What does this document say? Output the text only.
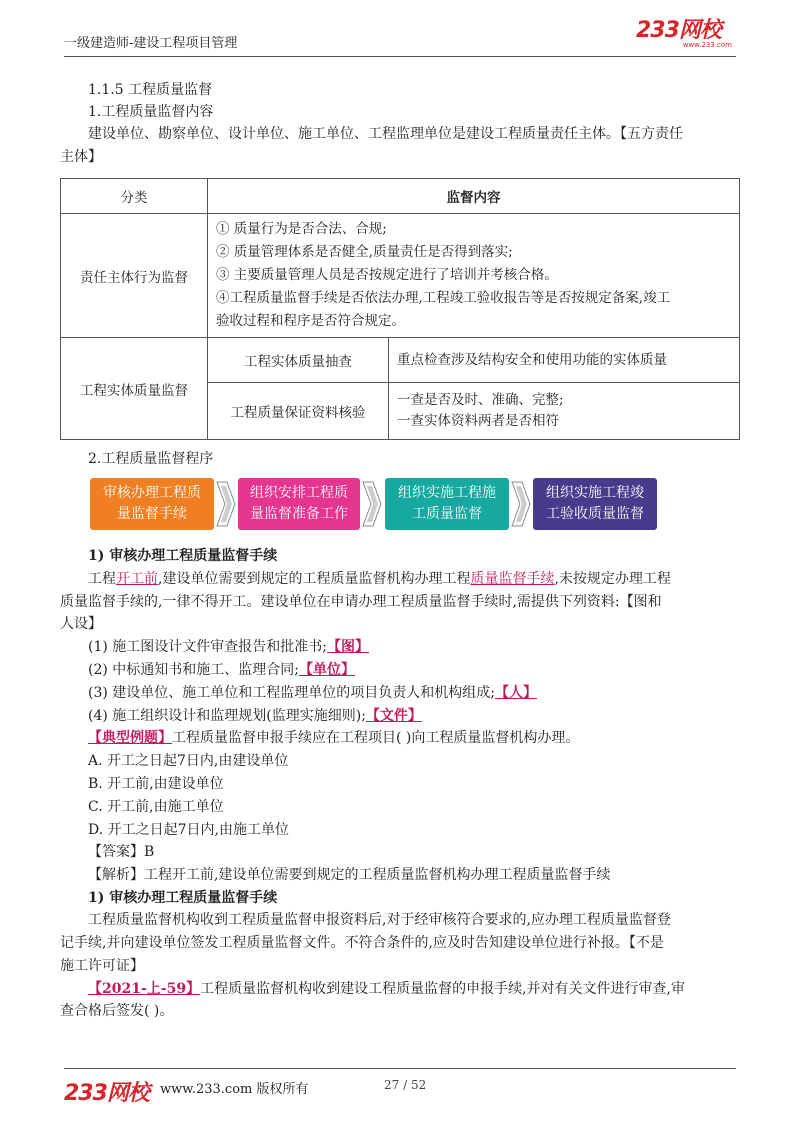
一级建造师-建设工程项目管理
233网校
www.233.com
1.1.5 工程质量监督
1.工程质量监督内容
建设单位、勘察单位、设计单位、施工单位、工程监理单位是建设工程质量责任主体。【五方责任
主体】
分类	监督内容	
责任主体行为监督	① 质量行为是否合法、合规;
② 质量管理体系是否健全,质量责任是否得到落实;
③ 主要质量管理人员是否按规定进行了培训并考核合格。
④工程质量监督手续是否依法办理,工程竣工验收报告等是否按规定备案,竣工
验收过程和程序是否符合规定。	

工程实体质量监督	工程实体质量抽查	重点检查涉及结构安全和使用功能的实体质量
	工程质量保证资料核验	一查是否及时、准确、完整;
一查实体资料两者是否相符
2.工程质量监督程序
审核办理工程质
量监督手续
组织安排工程质
量监督准备工作
组织实施工程施
工质量监督
组织实施工程竣
工验收质量监督
1) 审核办理工程质量监督手续
工程开工前,建设单位需要到规定的工程质量监督机构办理工程质量监督手续,未按规定办理工程
质量监督手续的,一律不得开工。建设单位在申请办理工程质量监督手续时,需提供下列资料:【图和
人设】
(1) 施工图设计文件审查报告和批准书;【图】
(2) 中标通知书和施工、监理合同;【单位】
(3) 建设单位、施工单位和工程监理单位的项目负责人和机构组成;【人】
(4) 施工组织设计和监理规划(监理实施细则);【文件】
【典型例题】工程质量监督申报手续应在工程项目( )向工程质量监督机构办理。
A. 开工之日起7日内,由建设单位
B. 开工前,由建设单位
C. 开工前,由施工单位
D. 开工之日起7日内,由施工单位
【答案】B
【解析】工程开工前,建设单位需要到规定的工程质量监督机构办理工程质量监督手续
1) 审核办理工程质量监督手续
工程质量监督机构收到工程质量监督申报资料后,对于经审核符合要求的,应办理工程质量监督登
记手续,并向建设单位签发工程质量监督文件。不符合条件的,应及时告知建设单位进行补报。【不是
施工许可证】
【2021-上-59】工程质量监督机构收到建设工程质量监督的申报手续,并对有关文件进行审查,审
查合格后签发( )。
233网校 www.233.com 版权所有	27 / 52
